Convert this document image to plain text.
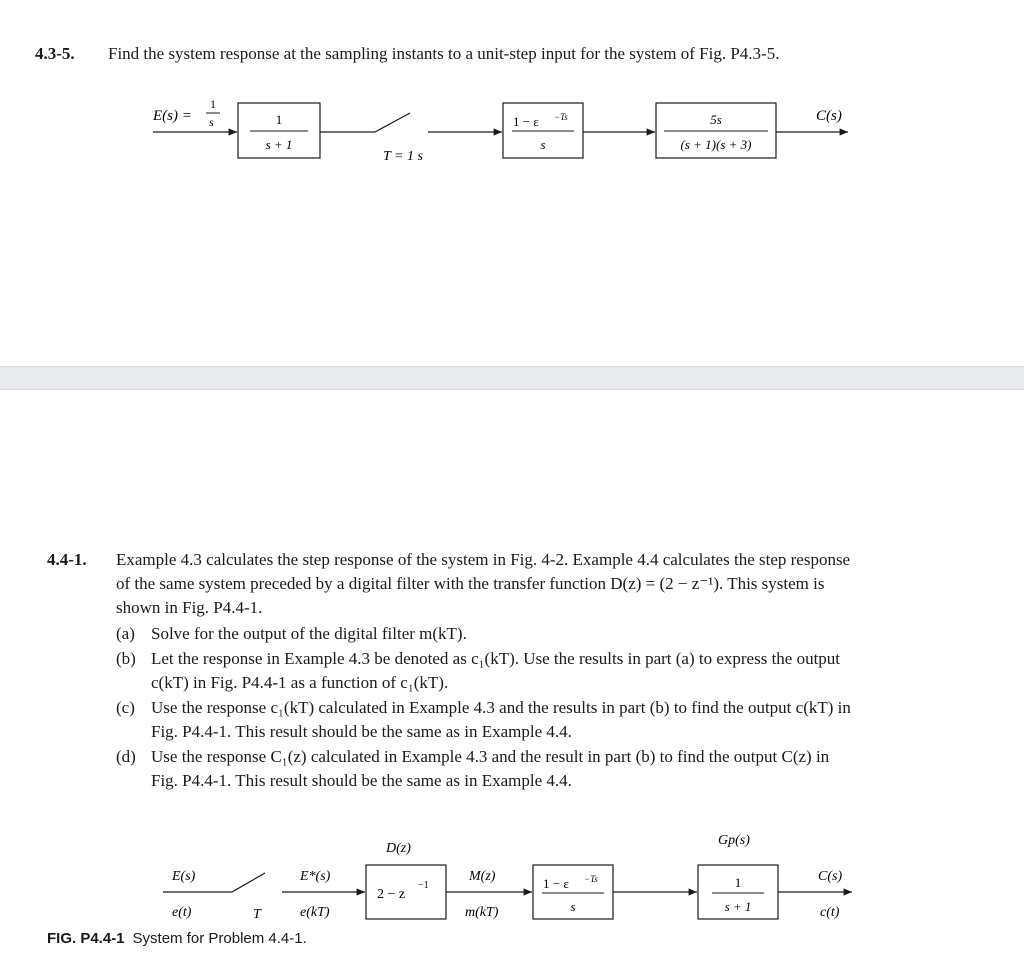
4.3-5. Find the system response at the sampling instants to a unit-step input for the system of Fig. P4.3-5.
E(s) =
1
s	1
s + 1
T = 1 s
1 − ε −Ts
s
5s
(s + 1)(s + 3)
C(s)
4.4-1. Example 4.3 calculates the step response of the system in Fig. 4-2. Example 4.4 calculates the step response
of the same system preceded by a digital filter with the transfer function D(z) = (2 − z⁻¹). This system is
shown in Fig. P4.4-1.
(a) Solve for the output of the digital filter m(kT).
(b) Let the response in Example 4.3 be denoted as c₁(kT). Use the results in part (a) to express the output
c(kT) in Fig. P4.4-1 as a function of c₁(kT).
(c) Use the response c₁(kT) calculated in Example 4.3 and the results in part (b) to find the output c(kT) in
Fig. P4.4-1. This result should be the same as in Example 4.4.
(d) Use the response C₁(z) calculated in Example 4.3 and the result in part (b) to find the output C(z) in
Fig. P4.4-1. This result should be the same as in Example 4.4.
E(s)
e(t)	T
E*(s)
e(kT)
D(z)
2 − z
−1
M(z)
m(kT)
1 − ε −Ts
s
Gp(s)
1
s + 1
C(s)
c(t)
FIG. P4.4-1 System for Problem 4.4-1.
